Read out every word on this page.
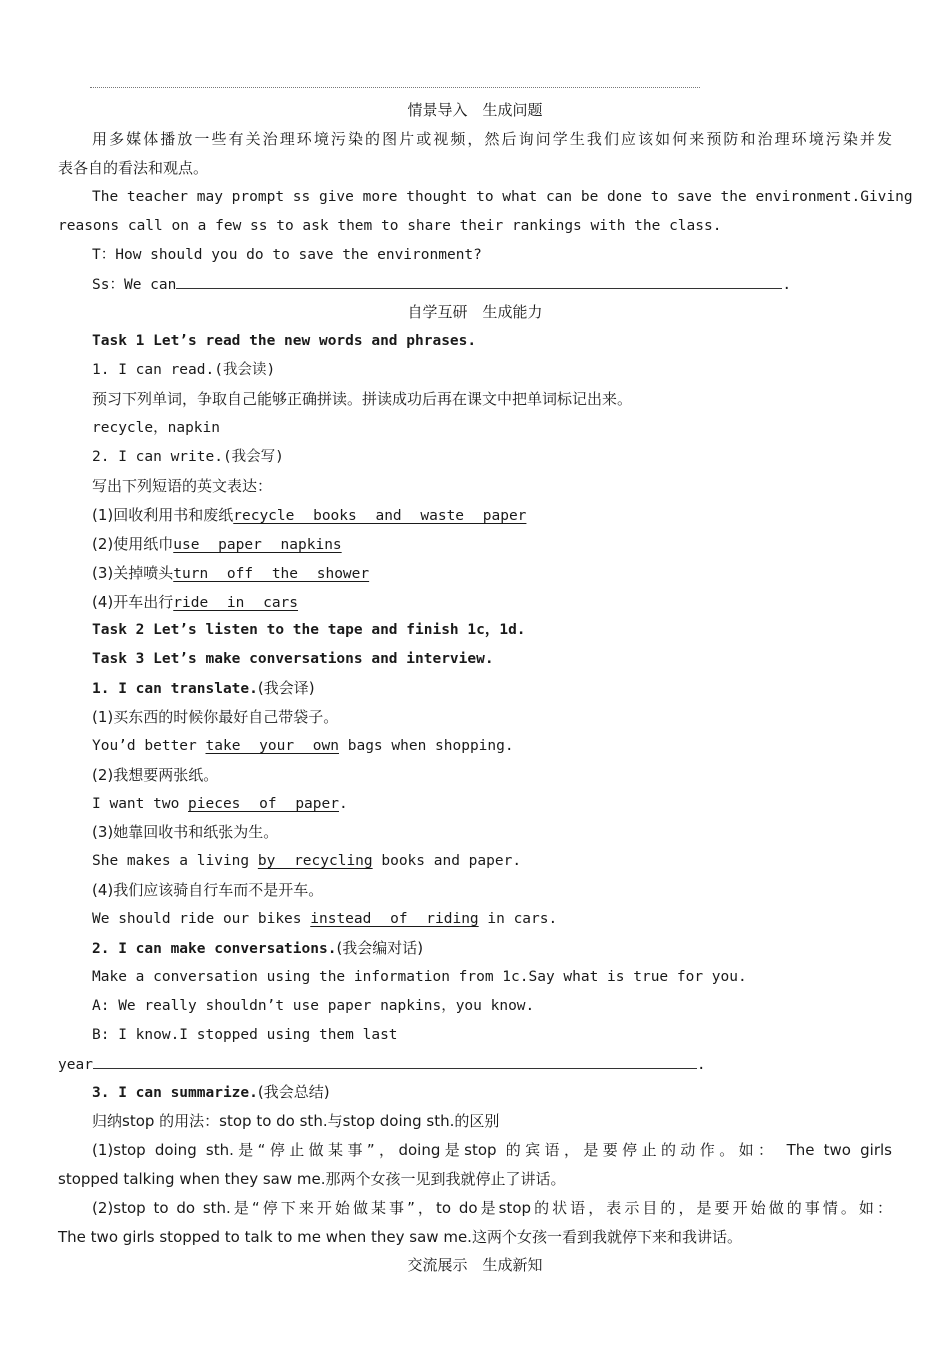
情景导入　生成问题
用多媒体播放一些有关治理环境污染的图片或视频，然后询问学生我们应该如何来预防和治理环境污染并发
表各自的看法和观点。
The teacher may prompt ss give more thought to what can be done to save the environment.Giving
reasons call on a few ss to ask them to share their rankings with the class.
T：How should you do to save the environment?
Ss：We can	.
自学互研　生成能力
Task 1 Let’s read the new words and phrases.
1. I can read.(我会读)
预习下列单词，争取自己能够正确拼读。拼读成功后再在课文中把单词标记出来。
recycle，napkin
2. I can write.(我会写)
写出下列短语的英文表达：
(1)回收利用书和废纸recycle books and waste paper
(2)使用纸巾use paper napkins
(3)关掉喷头turn off the shower
(4)开车出行ride in cars
Task 2 Let’s listen to the tape and finish 1c，1d.
Task 3 Let’s make conversations and interview.
1. I can translate.(我会译)
(1)买东西的时候你最好自己带袋子。
You’d better take your own bags when shopping.
(2)我想要两张纸。
I want two pieces of paper.
(3)她靠回收书和纸张为生。
She makes a living by recycling books and paper.
(4)我们应该骑自行车而不是开车。
We should ride our bikes instead of riding in cars.
2. I can make conversations.(我会编对话)
Make a conversation using the information from 1c.Say what is true for you.
A: We really shouldn’t use paper napkins，you know.
B: I know.I stopped using them last
year	.
3. I can summarize.(我会总结)
归纳stop 的用法：stop to do sth.与stop doing sth.的区别
(1)stop doing sth.是“停止做某事”，doing是stop 的宾语，是要停止的动作。如： The two girls
stopped talking when they saw me.那两个女孩一见到我就停止了讲话。
(2)stop to do sth.是“停下来开始做某事”，to do是stop的状语，表示目的，是要开始做的事情。如：
The two girls stopped to talk to me when they saw me.这两个女孩一看到我就停下来和我讲话。
交流展示　生成新知
